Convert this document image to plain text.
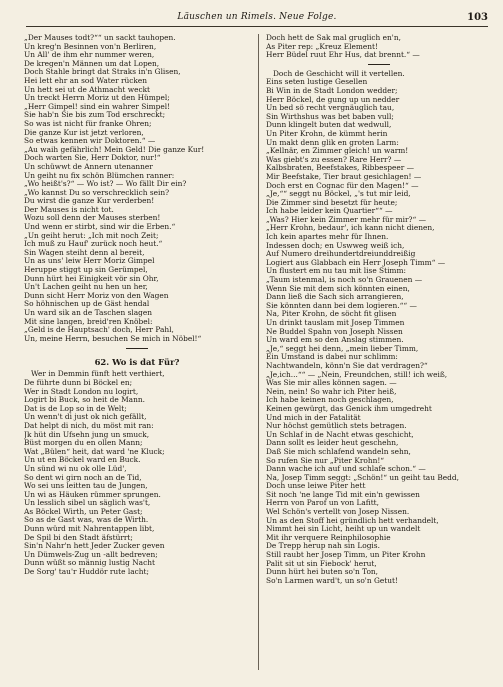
Läuschen un Rimels. Neue Folge.	103
„Der Mauses todt?““ un sackt tauhopen.
Un kreg'n Besinnen von'n Berliren,
Un All' de ihm ehr nummer weren,
De kregen'n Männen um dat Lopen,
Doch Stahle bringt dat Straks in'n Glisen,
Hei lett ehr an sod Water rücken
Un hett sei ut de Athmacht weckt
Un treckt Herrn Moriz ut den Hümpel;
„Herr Gimpel! sind ein wahrer Simpel!
Sie hab'n Sie bis zum Tod erschreckt;
So was ist nicht für franke Ohren;
Die ganze Kur ist jetzt verloren,
So etwas kennen wir Doktoren.“ —
„Au waih gefährlich! Mein Geld! Die ganze Kur!
Doch warten Sie, Herr Doktor, nur!“
Un schüwwt de Annern utenanner
Un geiht nu fix schön Blümchen ranner:
„Wo heißt's?“ — Wo ist? — Wo fällt Dir ein?
„Wo kannst Du so verschrecklich sein?
Du wirst die ganze Kur verderben!
Der Mauses is nicht tot.
Wozu soll denn der Mauses sterben!
Und wenn er stirbt, sind wir die Erben.“
„Un geiht herut: „Ich mit noch Zeit;
Ich muß zu Hauf' zurück noch heut.“
Sin Wagen steiht denn al bereit,
Un as uns' leiw Herr Moriz Gimpel
Heruppe stiggt up sin Gerümpel,
Dunn hürt hei Einigkeit vör sin Ohr,
Un't Lachen geiht nu hen un her,
Dunn sicht Herr Moriz von den Wagen
So höhnischen up de Gäst hendal
Un ward sik an de Taschen slagen
Mit sine langen, breid'ren Knöbel:
„Geld is de Hauptsach' doch, Herr Pahl,
Un, meine Herrn, besuchen Se mich in Nöbel!“
62. Wo is dat Für?
Wer in Demmin fünft hett verthiert,
De führte dunn bi Böckel en;
Wer in Stadt London nu logirt,
Logirt bi Buck, so heit de Mann.
Dat is de Lop so in de Welt;
Un wenn't di just ok nich gefällt,
Dat helpt di nich, du möst mit ran:
Jk hüt din Ufsehn jung un smuck,
Büst morgen du en ollen Mann;
Wat „Bülen“ heit, dat ward 'ne Kluck;
Un ut en Böckel ward en Buck.
Un sünd wi nu ok olle Lüd',
So dent wi girn noch an de Tid,
Wo sei uns leitten tau de Jungen,
Un wi as Häuken rümmer sprungen.
Un lesslich sibel un säglich was't,
As Böckel Wirth, un Peter Gast;
So as de Gast was, was de Wirth.
Dunn würd mit Nahrentappen libt,
De Spil bi den Stadt äfstürrt;
Sin'n Nahr'n hett Jeder Zucker geven
Un Dümwels-Zug un -allt bedreven;
Dunn wüßt so männig lustig Nacht
De Sorg' tau'r Huddör rute lacht;
Doch hett de Sak mal gruglich en'n,
As Piter rep: „Kreuz Element!
Herr Büdel ruut Ehr Hus, dat brennt.“ —
Doch de Geschicht will it vertellen.
Eins seten lustige Gesellen
Bi Win in de Stadt London wedder;
Herr Böckel, de gung up un nedder
Un bed sö recht vergnäuglich tau,
Sin Wirthshus was bet baben vull;
Dunn klingelt buten dat wedwull,
Un Piter Krohn, de kümmt herin
Un makt denn glik en groten Larm:
„Kellnär, en Zimmer gleich! un warm!
Was giebt's zu essen? Rare Herr? —
Kalbsbraten, Beefstakes, Ribbespeer —
Mir Beefstake, Tier braut gesichlagen! —
Doch erst en Cognac für den Magen!“ —
„Je,““ seggt nu Böckel, „'s tut mir leid,
Die Zimmer sind besetzt für heute;
Ich habe leider kein Quartier““ —
„Was? Hier kein Zimmer mehr für mir?“ —
„Herr Krohn, bedaur', ich kann nicht dienen,
Ich kein apartes mehr für Ihnen.
Indessen doch; en Uswweg weiß ich,
Auf Numero dreihundertdreiunddreißig
Logiert aus Glabbach ein Herr Joseph Timm“ —
Un flustert em nu tau mit lise Stimm:
„Taum istenmal, is noch so'n Grauenen —
Wenn Sie mit dem sich könnten einen,
Dann ließ die Sach sich arrangieren,
Sie könnten dann bei dem logieren.““ —
Na, Piter Krohn, de söcht fit glisen
Un drinkt tauslam mit Josep Timmen
Ne Buddel Spahn von Joseph Nissen
Un ward em so den Anslag stimmen.
„Je,“ seggt hei denn, „mein lieber Timm,
Ein Umstand is dabei nur schlimm:
Nachtwandeln, könn'n Sie dat verdragen?“
„Je,ich...““ — „Nein, Freundchen, still! ich weiß,
Was Sie mir alles können sagen. —
Nein, nein! So wahr ich Piter heiß,
Ich habe keinen noch geschlagen,
Keinen gewürgt, das Genick ihm umgedreht
Und mich in der Fatalität
Nur höchst gemütlich stets betragen.
Un Schlaf in de Nacht etwas geschicht,
Dann sollt es leider heut geschehn,
Daß Sie mich schlafend wandeln sehn,
So rufen Sie nur „Piter Krohn!“
Dann wache ich auf und schlafe schon.“ —
Na, Josep Timm seggt: „Schön!“ un geiht tau Bedd,
Doch unse leiwe Piter hett
Sit noch 'ne lange Tid mit ein'n gewissen
Herrn von Parof un von Lafitt,
Wel Schön's vertellt von Josep Nissen.
Un as den Stoff hei gründlich hett verhandelt,
Nimmt hei sin Licht, heiht up un wandelt
Mit ihr verquere Reinphilosophie
De Trepp herup nah sin Logis.
Still raubt her Josep Timm, un Piter Krohn
Palit sit ut sin Fiebock' herut,
Dunn hürt hei buten so'n Ton,
So'n Larmen ward't, un so'n Getut!
